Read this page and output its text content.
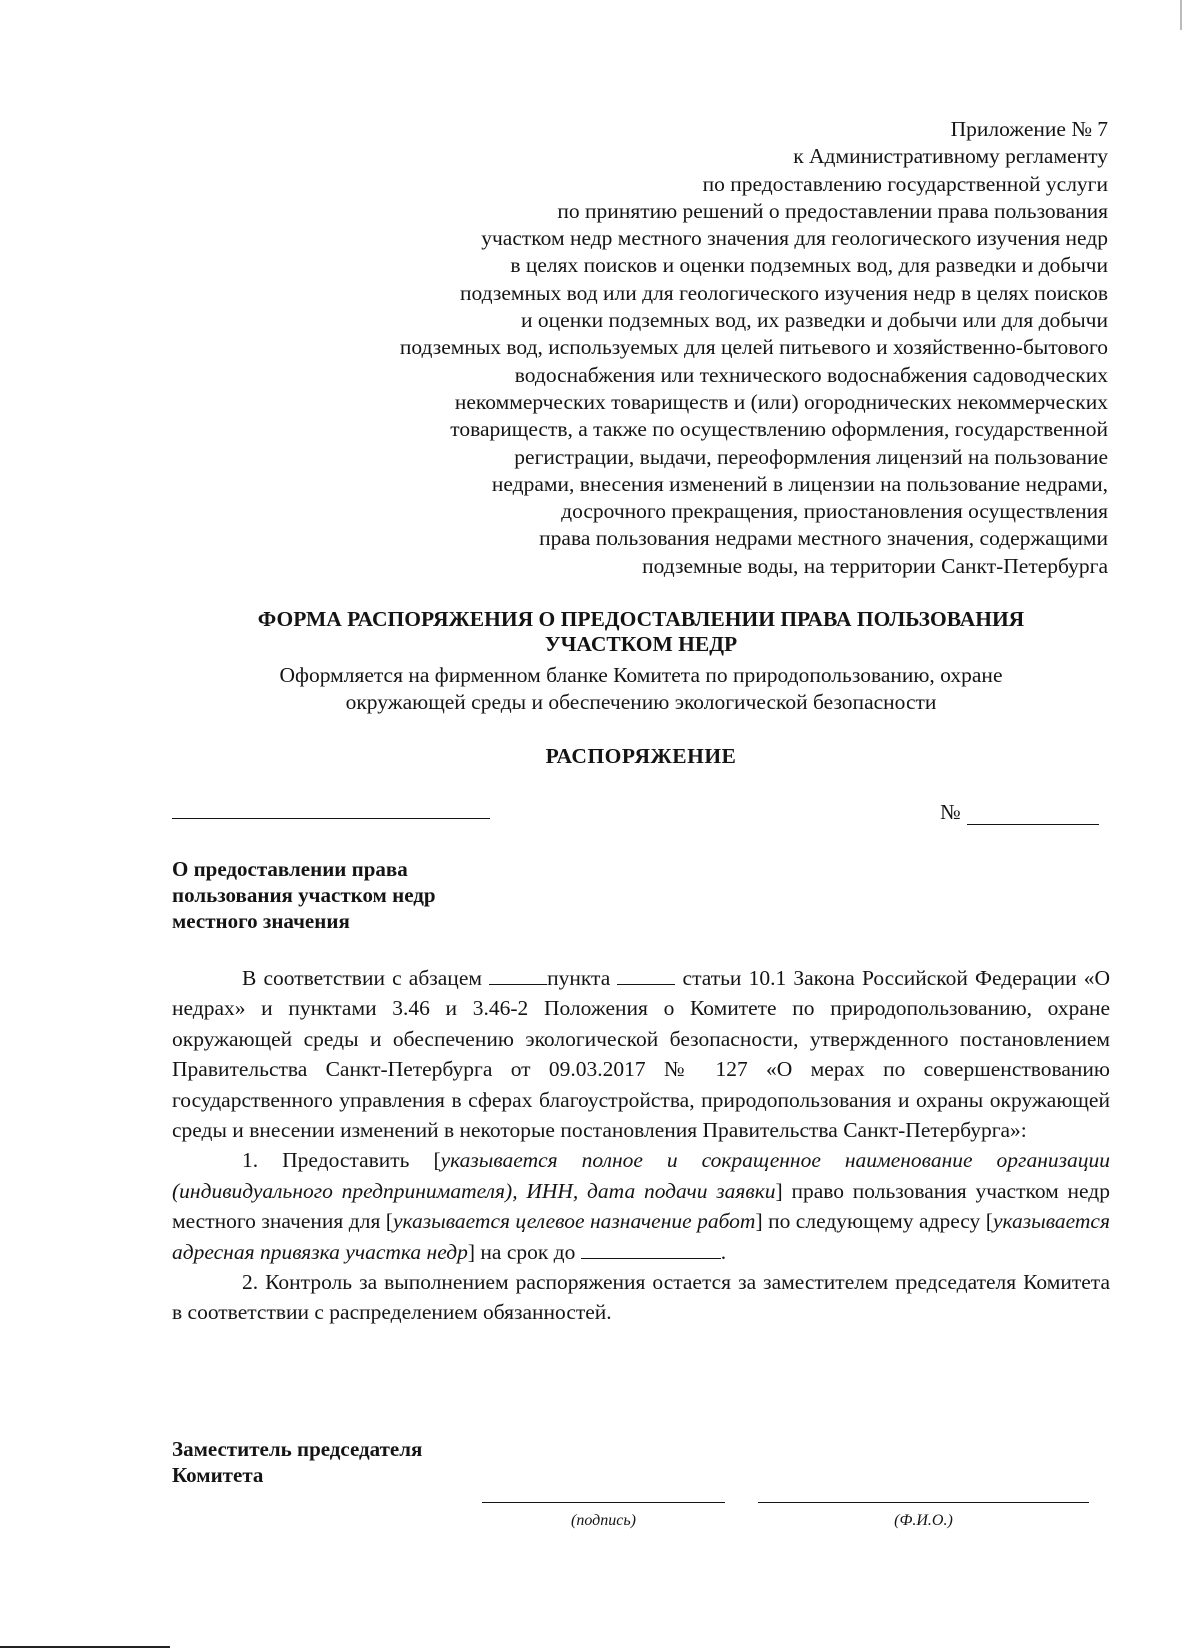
Приложение № 7
к Административному регламенту
по предоставлению государственной услуги
по принятию решений о предоставлении права пользования
участком недр местного значения для геологического изучения недр
в целях поисков и оценки подземных вод, для разведки и добычи
подземных вод или для геологического изучения недр в целях поисков
и оценки подземных вод, их разведки и добычи или для добычи
подземных вод, используемых для целей питьевого и хозяйственно-бытового
водоснабжения или технического водоснабжения садоводческих
некоммерческих товариществ и (или) огороднических некоммерческих
товариществ, а также по осуществлению оформления, государственной
регистрации, выдачи, переоформления лицензий на пользование
недрами, внесения изменений в лицензии на пользование недрами,
досрочного прекращения, приостановления осуществления
права пользования недрами местного значения, содержащими
подземные воды, на территории Санкт-Петербурга
ФОРМА РАСПОРЯЖЕНИЯ О ПРЕДОСТАВЛЕНИИ ПРАВА ПОЛЬЗОВАНИЯ
УЧАСТКОМ НЕДР
Оформляется на фирменном бланке Комитета по природопользованию, охране
окружающей среды и обеспечению экологической безопасности
РАСПОРЯЖЕНИЕ
№
О предоставлении права
пользования участком недр
местного значения

В соответствии с абзацем	пункта	статьи 10.1 Закона Российской Федерации «О недрах» и пунктами 3.46 и 3.46-2 Положения о Комитете по природопользованию, охране окружающей среды и обеспечению экологической безопасности, утвержденного постановлением Правительства Санкт-Петербурга от 09.03.2017 № 127 «О мерах по совершенствованию государственного управления в сферах благоустройства, природопользования и охраны окружающей среды и внесении изменений в некоторые постановления Правительства Санкт-Петербурга»:

1. Предоставить [указывается полное и сокращенное наименование организации (индивидуального предпринимателя), ИНН, дата подачи заявки] право пользования участком недр местного значения для [указывается целевое назначение работ] по следующему адресу [указывается адресная привязка участка недр] на срок до	.

2. Контроль за выполнением распоряжения остается за заместителем председателя Комитета в соответствии с распределением обязанностей.

Заместитель председателя
Комитета
(подпись)	(Ф.И.О.)
